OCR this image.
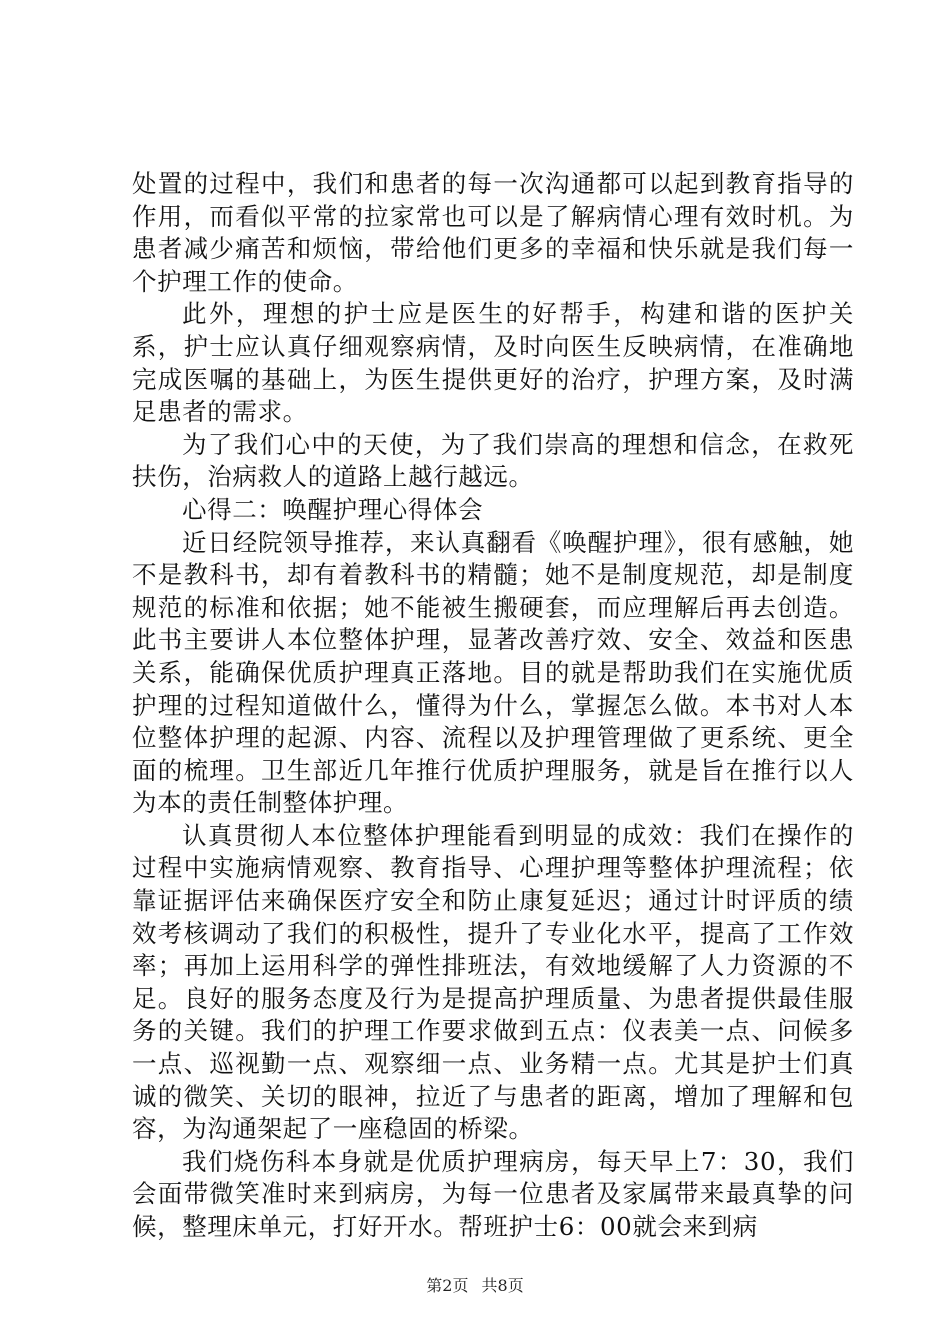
处置的过程中，我们和患者的每一次沟通都可以起到教育指导的作用，而看似平常的拉家常也可以是了解病情心理有效时机。为患者减少痛苦和烦恼，带给他们更多的幸福和快乐就是我们每一个护理工作的使命。

此外，理想的护士应是医生的好帮手，构建和谐的医护关系，护士应认真仔细观察病情，及时向医生反映病情，在准确地完成医嘱的基础上，为医生提供更好的治疗，护理方案，及时满足患者的需求。

为了我们心中的天使，为了我们崇高的理想和信念，在救死扶伤，治病救人的道路上越行越远。

心得二：唤醒护理心得体会

近日经院领导推荐，来认真翻看《唤醒护理》，很有感触，她不是教科书，却有着教科书的精髓；她不是制度规范，却是制度规范的标准和依据；她不能被生搬硬套，而应理解后再去创造。此书主要讲人本位整体护理，显著改善疗效、安全、效益和医患关系，能确保优质护理真正落地。目的就是帮助我们在实施优质护理的过程知道做什么，懂得为什么，掌握怎么做。本书对人本位整体护理的起源、内容、流程以及护理管理做了更系统、更全面的梳理。卫生部近几年推行优质护理服务，就是旨在推行以人为本的责任制整体护理。

认真贯彻人本位整体护理能看到明显的成效：我们在操作的过程中实施病情观察、教育指导、心理护理等整体护理流程；依靠证据评估来确保医疗安全和防止康复延迟；通过计时评质的绩效考核调动了我们的积极性，提升了专业化水平，提高了工作效率；再加上运用科学的弹性排班法，有效地缓解了人力资源的不足。良好的服务态度及行为是提高护理质量、为患者提供最佳服务的关键。我们的护理工作要求做到五点：仪表美一点、问候多一点、巡视勤一点、观察细一点、业务精一点。尤其是护士们真诚的微笑、关切的眼神，拉近了与患者的距离，增加了理解和包容，为沟通架起了一座稳固的桥梁。

我们烧伤科本身就是优质护理病房，每天早上7：30，我们会面带微笑准时来到病房，为每一位患者及家属带来最真挚的问候，整理床单元，打好开水。帮班护士6：00就会来到病

第2页 共8页
